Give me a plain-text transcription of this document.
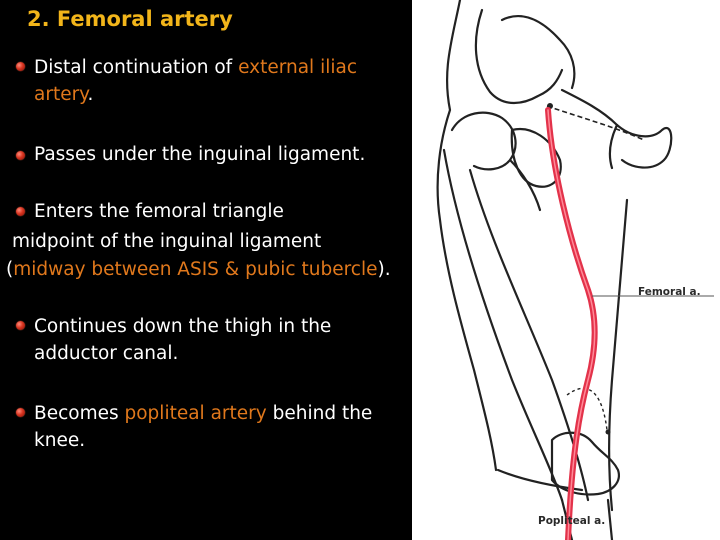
2. Femoral artery
Distal continuation of external iliac
artery.
Passes under the inguinal ligament.
Enters the femoral triangle
midpoint of the inguinal ligament
(midway between ASIS & pubic tubercle).
Continues down the thigh in the
adductor canal.
Becomes popliteal artery behind the
knee.
Femoral a.
Popliteal a.
